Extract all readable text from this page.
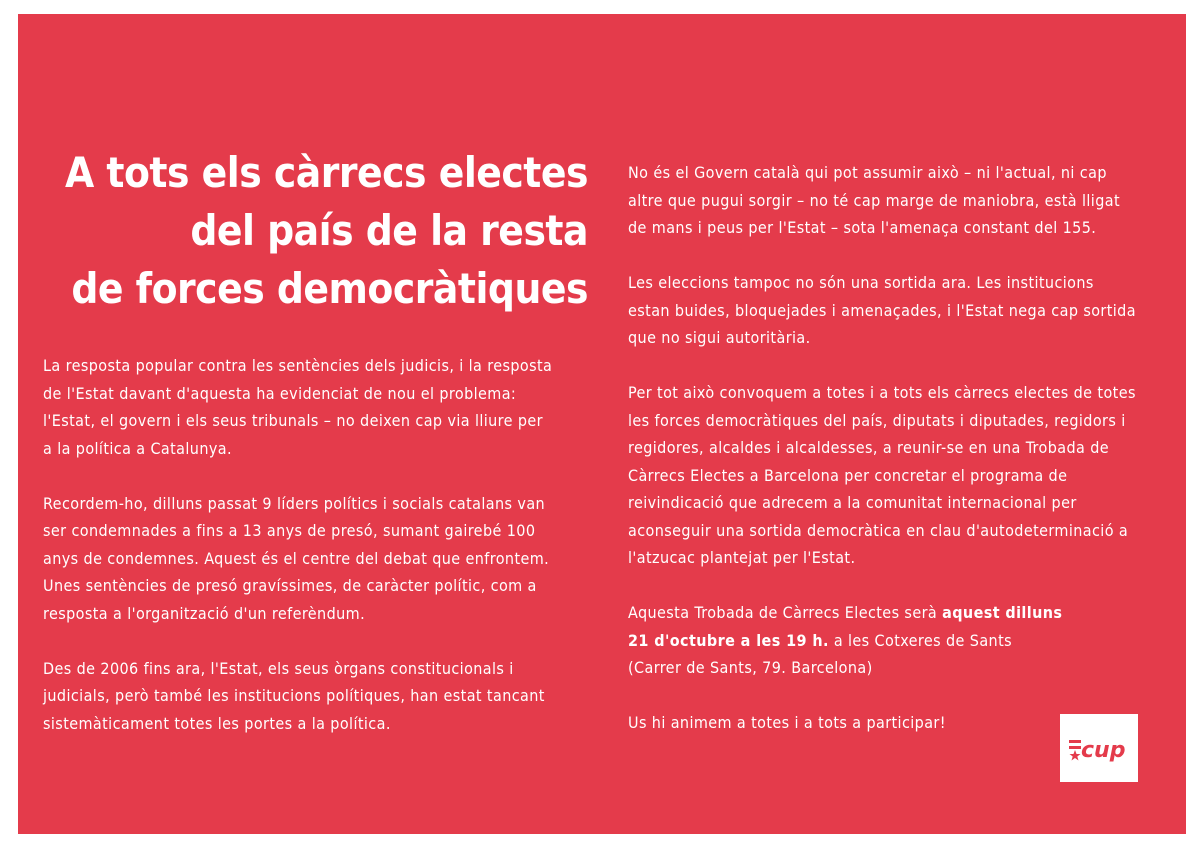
A tots els càrrecs electes
del país de la resta
de forces democràtiques

La resposta popular contra les sentències dels judicis, i la resposta
de l'Estat davant d'aquesta ha evidenciat de nou el problema:
l'Estat, el govern i els seus tribunals – no deixen cap via lliure per
a la política a Catalunya.

Recordem-ho, dilluns passat 9 líders polítics i socials catalans van
ser condemnades a fins a 13 anys de presó, sumant gairebé 100
anys de condemnes. Aquest és el centre del debat que enfrontem.
Unes sentències de presó gravíssimes, de caràcter polític, com a
resposta a l'organització d'un referèndum.

Des de 2006 fins ara, l'Estat, els seus òrgans constitucionals i
judicials, però també les institucions polítiques, han estat tancant
sistemàticament totes les portes a la política.

No és el Govern català qui pot assumir això – ni l'actual, ni cap
altre que pugui sorgir – no té cap marge de maniobra, està lligat
de mans i peus per l'Estat – sota l'amenaça constant del 155.

Les eleccions tampoc no són una sortida ara. Les institucions
estan buides, bloquejades i amenaçades, i l'Estat nega cap sortida
que no sigui autoritària.

Per tot això convoquem a totes i a tots els càrrecs electes de totes
les forces democràtiques del país, diputats i diputades, regidors i
regidores, alcaldes i alcaldesses, a reunir-se en una Trobada de
Càrrecs Electes a Barcelona per concretar el programa de
reivindicació que adrecem a la comunitat internacional per
aconseguir una sortida democràtica en clau d'autodeterminació a
l'atzucac plantejat per l'Estat.

Aquesta Trobada de Càrrecs Electes serà aquest dilluns
21 d'octubre a les 19 h. a les Cotxeres de Sants
(Carrer de Sants, 79. Barcelona)

Us hi animem a totes i a tots a participar!

cup
